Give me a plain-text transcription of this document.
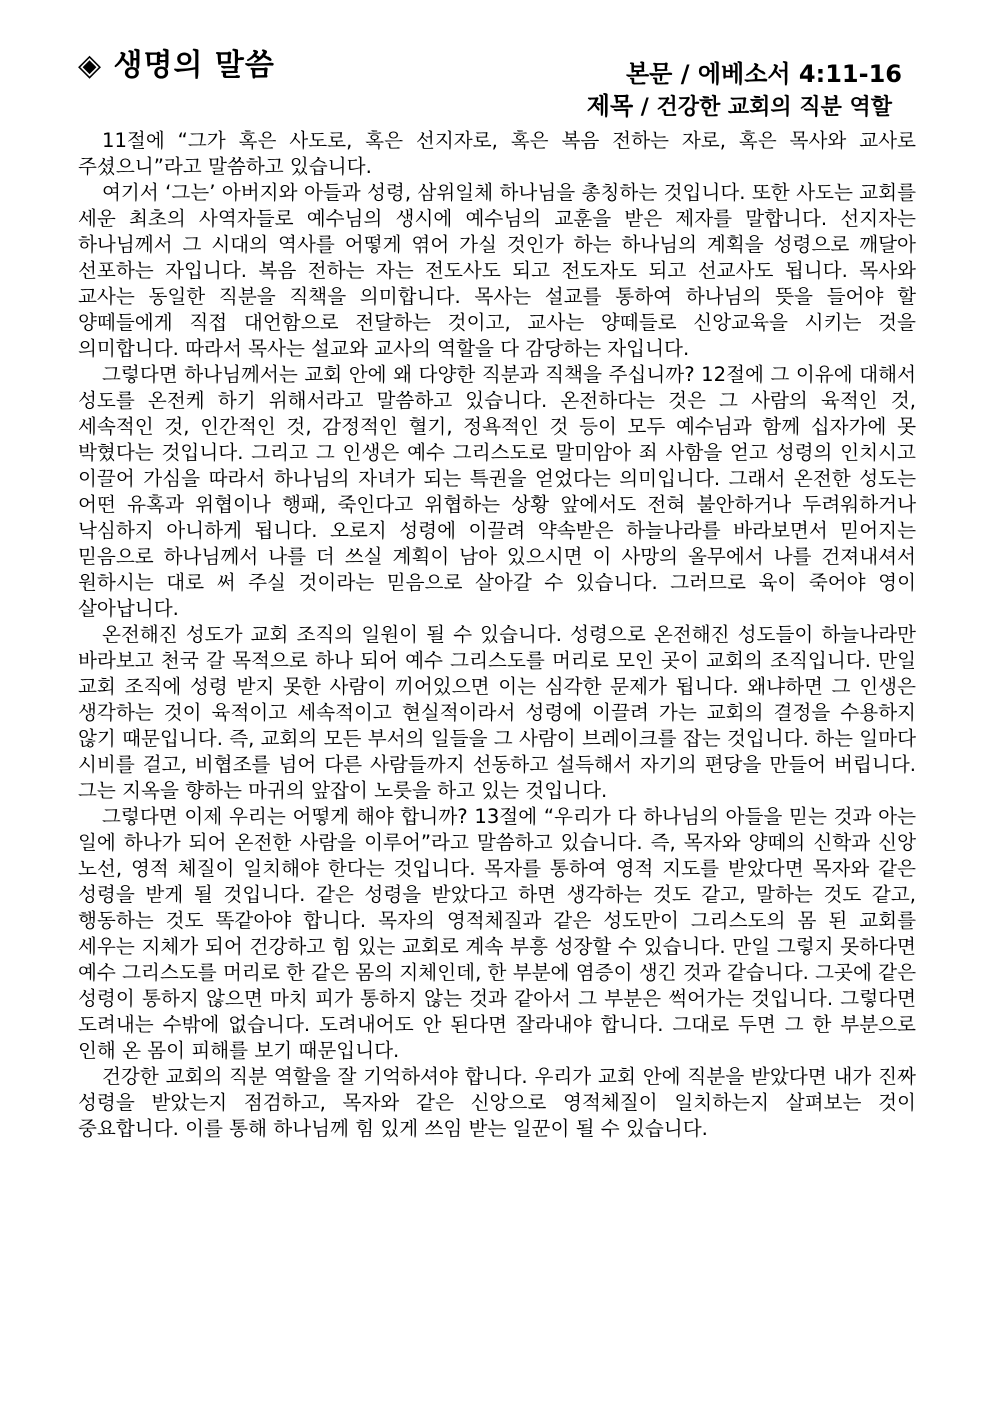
◈ 생명의 말씀	본문 / 에베소서 4:11-16
제목 / 건강한 교회의 직분 역할

11절에 “그가 혹은 사도로, 혹은 선지자로, 혹은 복음 전하는 자로, 혹은 목사와 교사로 주셨으니”라고 말씀하고 있습니다.

여기서 ‘그는’ 아버지와 아들과 성령, 삼위일체 하나님을 총칭하는 것입니다. 또한 사도는 교회를 세운 최초의 사역자들로 예수님의 생시에 예수님의 교훈을 받은 제자를 말합니다. 선지자는 하나님께서 그 시대의 역사를 어떻게 엮어 가실 것인가 하는 하나님의 계획을 성령으로 깨달아 선포하는 자입니다. 복음 전하는 자는 전도사도 되고 전도자도 되고 선교사도 됩니다. 목사와 교사는 동일한 직분을 직책을 의미합니다. 목사는 설교를 통하여 하나님의 뜻을 들어야 할 양떼들에게 직접 대언함으로 전달하는 것이고, 교사는 양떼들로 신앙교육을 시키는 것을 의미합니다. 따라서 목사는 설교와 교사의 역할을 다 감당하는 자입니다.

그렇다면 하나님께서는 교회 안에 왜 다양한 직분과 직책을 주십니까? 12절에 그 이유에 대해서 성도를 온전케 하기 위해서라고 말씀하고 있습니다. 온전하다는 것은 그 사람의 육적인 것, 세속적인 것, 인간적인 것, 감정적인 혈기, 정욕적인 것 등이 모두 예수님과 함께 십자가에 못 박혔다는 것입니다. 그리고 그 인생은 예수 그리스도로 말미암아 죄 사함을 얻고 성령의 인치시고 이끌어 가심을 따라서 하나님의 자녀가 되는 특권을 얻었다는 의미입니다. 그래서 온전한 성도는 어떤 유혹과 위협이나 행패, 죽인다고 위협하는 상황 앞에서도 전혀 불안하거나 두려워하거나 낙심하지 아니하게 됩니다. 오로지 성령에 이끌려 약속받은 하늘나라를 바라보면서 믿어지는 믿음으로 하나님께서 나를 더 쓰실 계획이 남아 있으시면 이 사망의 올무에서 나를 건져내셔서 원하시는 대로 써 주실 것이라는 믿음으로 살아갈 수 있습니다. 그러므로 육이 죽어야 영이 살아납니다.

온전해진 성도가 교회 조직의 일원이 될 수 있습니다. 성령으로 온전해진 성도들이 하늘나라만 바라보고 천국 갈 목적으로 하나 되어 예수 그리스도를 머리로 모인 곳이 교회의 조직입니다. 만일 교회 조직에 성령 받지 못한 사람이 끼어있으면 이는 심각한 문제가 됩니다. 왜냐하면 그 인생은 생각하는 것이 육적이고 세속적이고 현실적이라서 성령에 이끌려 가는 교회의 결정을 수용하지 않기 때문입니다. 즉, 교회의 모든 부서의 일들을 그 사람이 브레이크를 잡는 것입니다. 하는 일마다 시비를 걸고, 비협조를 넘어 다른 사람들까지 선동하고 설득해서 자기의 편당을 만들어 버립니다. 그는 지옥을 향하는 마귀의 앞잡이 노릇을 하고 있는 것입니다.

그렇다면 이제 우리는 어떻게 해야 합니까? 13절에 “우리가 다 하나님의 아들을 믿는 것과 아는 일에 하나가 되어 온전한 사람을 이루어”라고 말씀하고 있습니다. 즉, 목자와 양떼의 신학과 신앙 노선, 영적 체질이 일치해야 한다는 것입니다. 목자를 통하여 영적 지도를 받았다면 목자와 같은 성령을 받게 될 것입니다. 같은 성령을 받았다고 하면 생각하는 것도 같고, 말하는 것도 같고, 행동하는 것도 똑같아야 합니다. 목자의 영적체질과 같은 성도만이 그리스도의 몸 된 교회를 세우는 지체가 되어 건강하고 힘 있는 교회로 계속 부흥 성장할 수 있습니다. 만일 그렇지 못하다면 예수 그리스도를 머리로 한 같은 몸의 지체인데, 한 부분에 염증이 생긴 것과 같습니다. 그곳에 같은 성령이 통하지 않으면 마치 피가 통하지 않는 것과 같아서 그 부분은 썩어가는 것입니다. 그렇다면 도려내는 수밖에 없습니다. 도려내어도 안 된다면 잘라내야 합니다. 그대로 두면 그 한 부분으로 인해 온 몸이 피해를 보기 때문입니다.

건강한 교회의 직분 역할을 잘 기억하셔야 합니다. 우리가 교회 안에 직분을 받았다면 내가 진짜 성령을 받았는지 점검하고, 목자와 같은 신앙으로 영적체질이 일치하는지 살펴보는 것이 중요합니다. 이를 통해 하나님께 힘 있게 쓰임 받는 일꾼이 될 수 있습니다.
